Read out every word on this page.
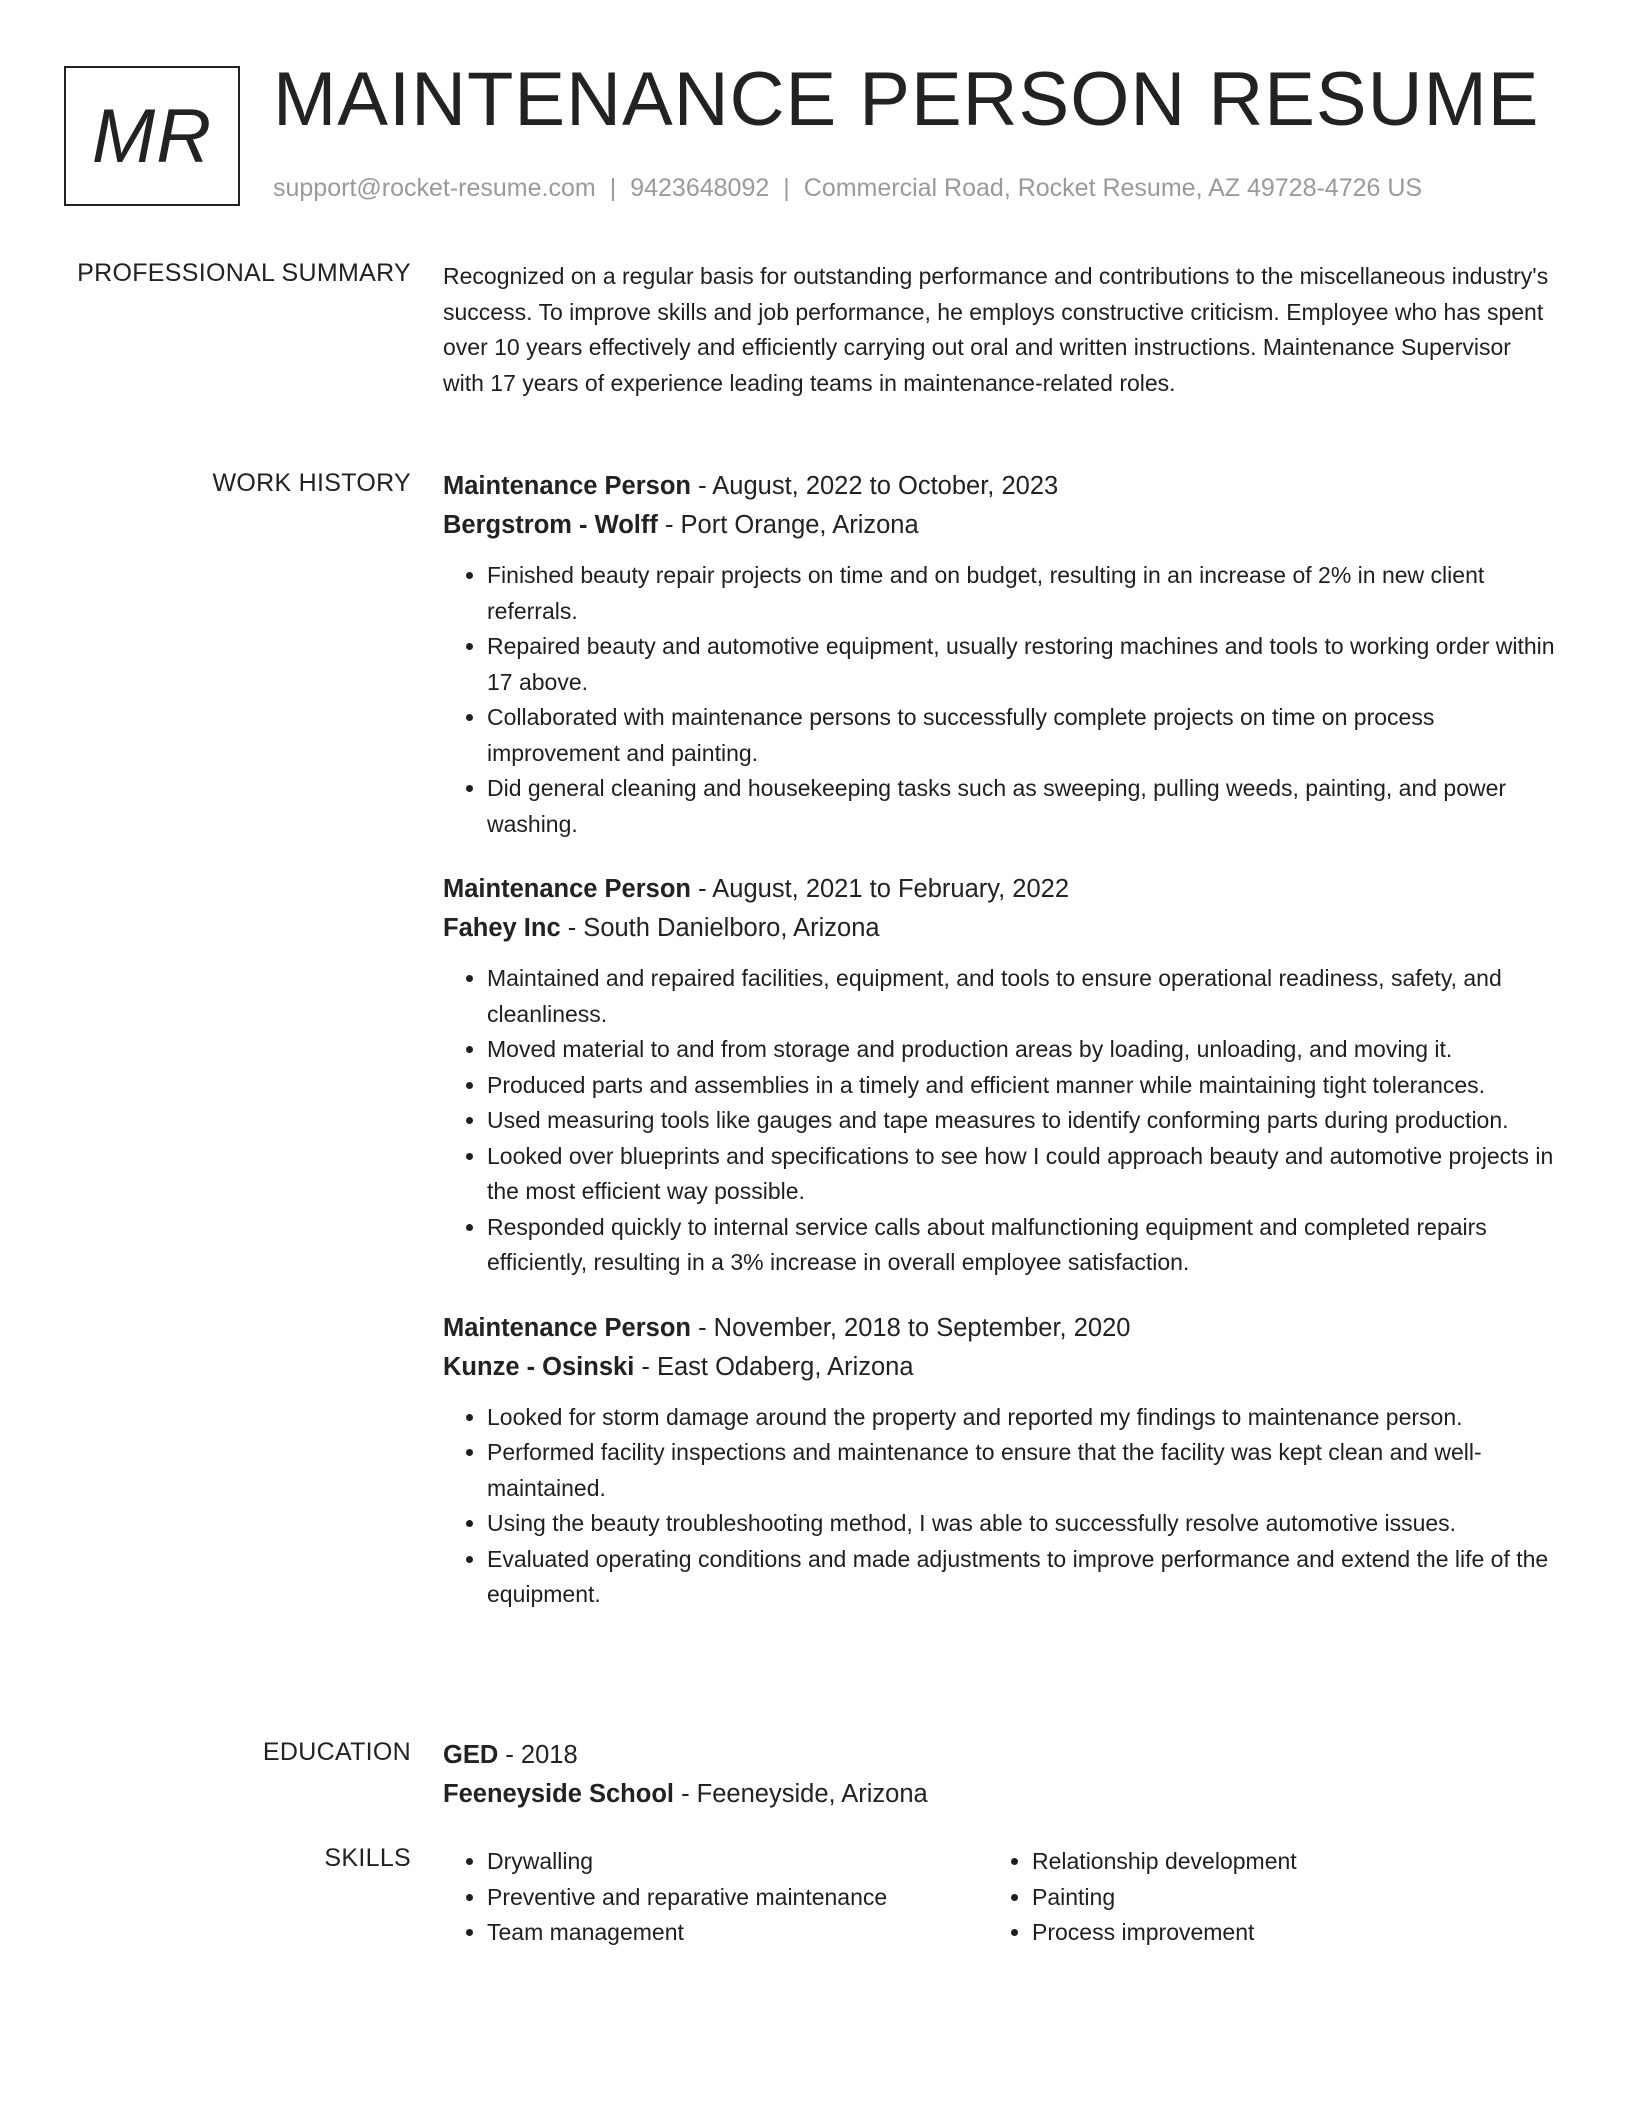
MR MAINTENANCE PERSON RESUME
support@rocket-resume.com | 9423648092 | Commercial Road, Rocket Resume, AZ 49728-4726 US
PROFESSIONAL SUMMARY Recognized on a regular basis for outstanding performance and contributions to the miscellaneous industry's success. To improve skills and job performance, he employs constructive criticism. Employee who has spent over 10 years effectively and efficiently carrying out oral and written instructions. Maintenance Supervisor with 17 years of experience leading teams in maintenance-related roles.

WORK HISTORY Maintenance Person - August, 2022 to October, 2023
Bergstrom - Wolff - Port Orange, Arizona
• Finished beauty repair projects on time and on budget, resulting in an increase of 2% in new client referrals.
• Repaired beauty and automotive equipment, usually restoring machines and tools to working order within 17 above.
• Collaborated with maintenance persons to successfully complete projects on time on process improvement and painting.
• Did general cleaning and housekeeping tasks such as sweeping, pulling weeds, painting, and power washing.
Maintenance Person - August, 2021 to February, 2022
Fahey Inc - South Danielboro, Arizona
• Maintained and repaired facilities, equipment, and tools to ensure operational readiness, safety, and cleanliness.
• Moved material to and from storage and production areas by loading, unloading, and moving it.
• Produced parts and assemblies in a timely and efficient manner while maintaining tight tolerances.
• Used measuring tools like gauges and tape measures to identify conforming parts during production.
• Looked over blueprints and specifications to see how I could approach beauty and automotive projects in the most efficient way possible.
• Responded quickly to internal service calls about malfunctioning equipment and completed repairs efficiently, resulting in a 3% increase in overall employee satisfaction.
Maintenance Person - November, 2018 to September, 2020
Kunze - Osinski - East Odaberg, Arizona
• Looked for storm damage around the property and reported my findings to maintenance person.
• Performed facility inspections and maintenance to ensure that the facility was kept clean and well-maintained.
• Using the beauty troubleshooting method, I was able to successfully resolve automotive issues.
• Evaluated operating conditions and made adjustments to improve performance and extend the life of the equipment.
EDUCATION GED - 2018
Feeneyside School - Feeneyside, Arizona
SKILLS
•	Drywalling
• Preventive and reparative maintenance
• Team management
• Relationship development
• Painting
• Process improvement
